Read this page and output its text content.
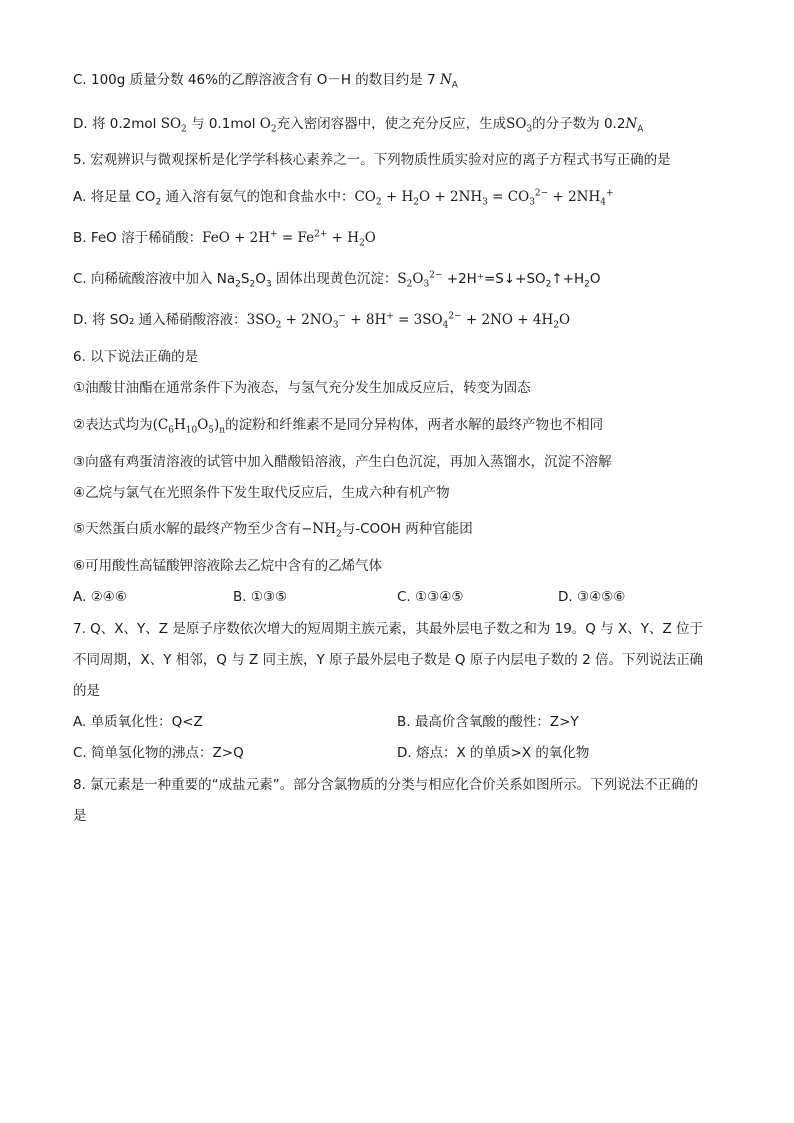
C. 100g 质量分数 46%的乙醇溶液含有 O－H 的数目约是 7 $N_A$
D. 将 0.2mol $SO_2$ 与 0.1mol $O_2$充入密闭容器中，使之充分反应，生成$SO_3$的分子数为 $0.2N_A$
5. 宏观辨识与微观探析是化学学科核心素养之一。下列物质性质实验对应的离子方程式书写正确的是
A. 将足量 $CO_2$ 通入溶有氨气的饱和食盐水中：$CO_2 + H_2O + 2NH_3 = CO_3^{2-} + 2NH_4^+$
B. FeO 溶于稀硝酸：FeO + $2H^+ = Fe^{2+} + H_2O$
C. 向稀硫酸溶液中加入 $Na_2S_2O_3$ 固体出现黄色沉淀：$S_2O_3^{2-}$ $+2H^+=S↓+SO_2↑+H_2O$
D. 将 SO₂ 通入稀硝酸溶液：$3SO_2 + 2NO_3^- + 8H^+ = 3SO_4^{2-} + 2NO + 4H_2O$
6. 以下说法正确的是
①油酸甘油酯在通常条件下为液态，与氢气充分发生加成反应后，转变为固态
②表达式均为$(C_6H_{10}O_5)_n$的淀粉和纤维素不是同分异构体，两者水解的最终产物也不相同
③向盛有鸡蛋清溶液的试管中加入醋酸铅溶液，产生白色沉淀，再加入蒸馏水，沉淀不溶解
④乙烷与氯气在光照条件下发生取代反应后，生成六种有机产物
⑤天然蛋白质水解的最终产物至少含有$-NH_2$与-COOH 两种官能团
⑥可用酸性高锰酸钾溶液除去乙烷中含有的乙烯气体
A. ②④⑥	B. ①③⑤	C. ①③④⑤	D. ③④⑤⑥
7. Q、X、Y、Z 是原子序数依次增大的短周期主族元素，其最外层电子数之和为 19。Q 与 X、Y、Z 位于
不同周期，X、Y 相邻，Q 与 Z 同主族，Y 原子最外层电子数是 Q 原子内层电子数的 2 倍。下列说法正确
的是
A. 单质氧化性：Q<Z	B. 最高价含氧酸的酸性：Z>Y
C. 简单氢化物的沸点：Z>Q	D. 熔点：X 的单质>X 的氧化物
8. 氯元素是一种重要的“成盐元素”。部分含氯物质的分类与相应化合价关系如图所示。下列说法不正确的
是
